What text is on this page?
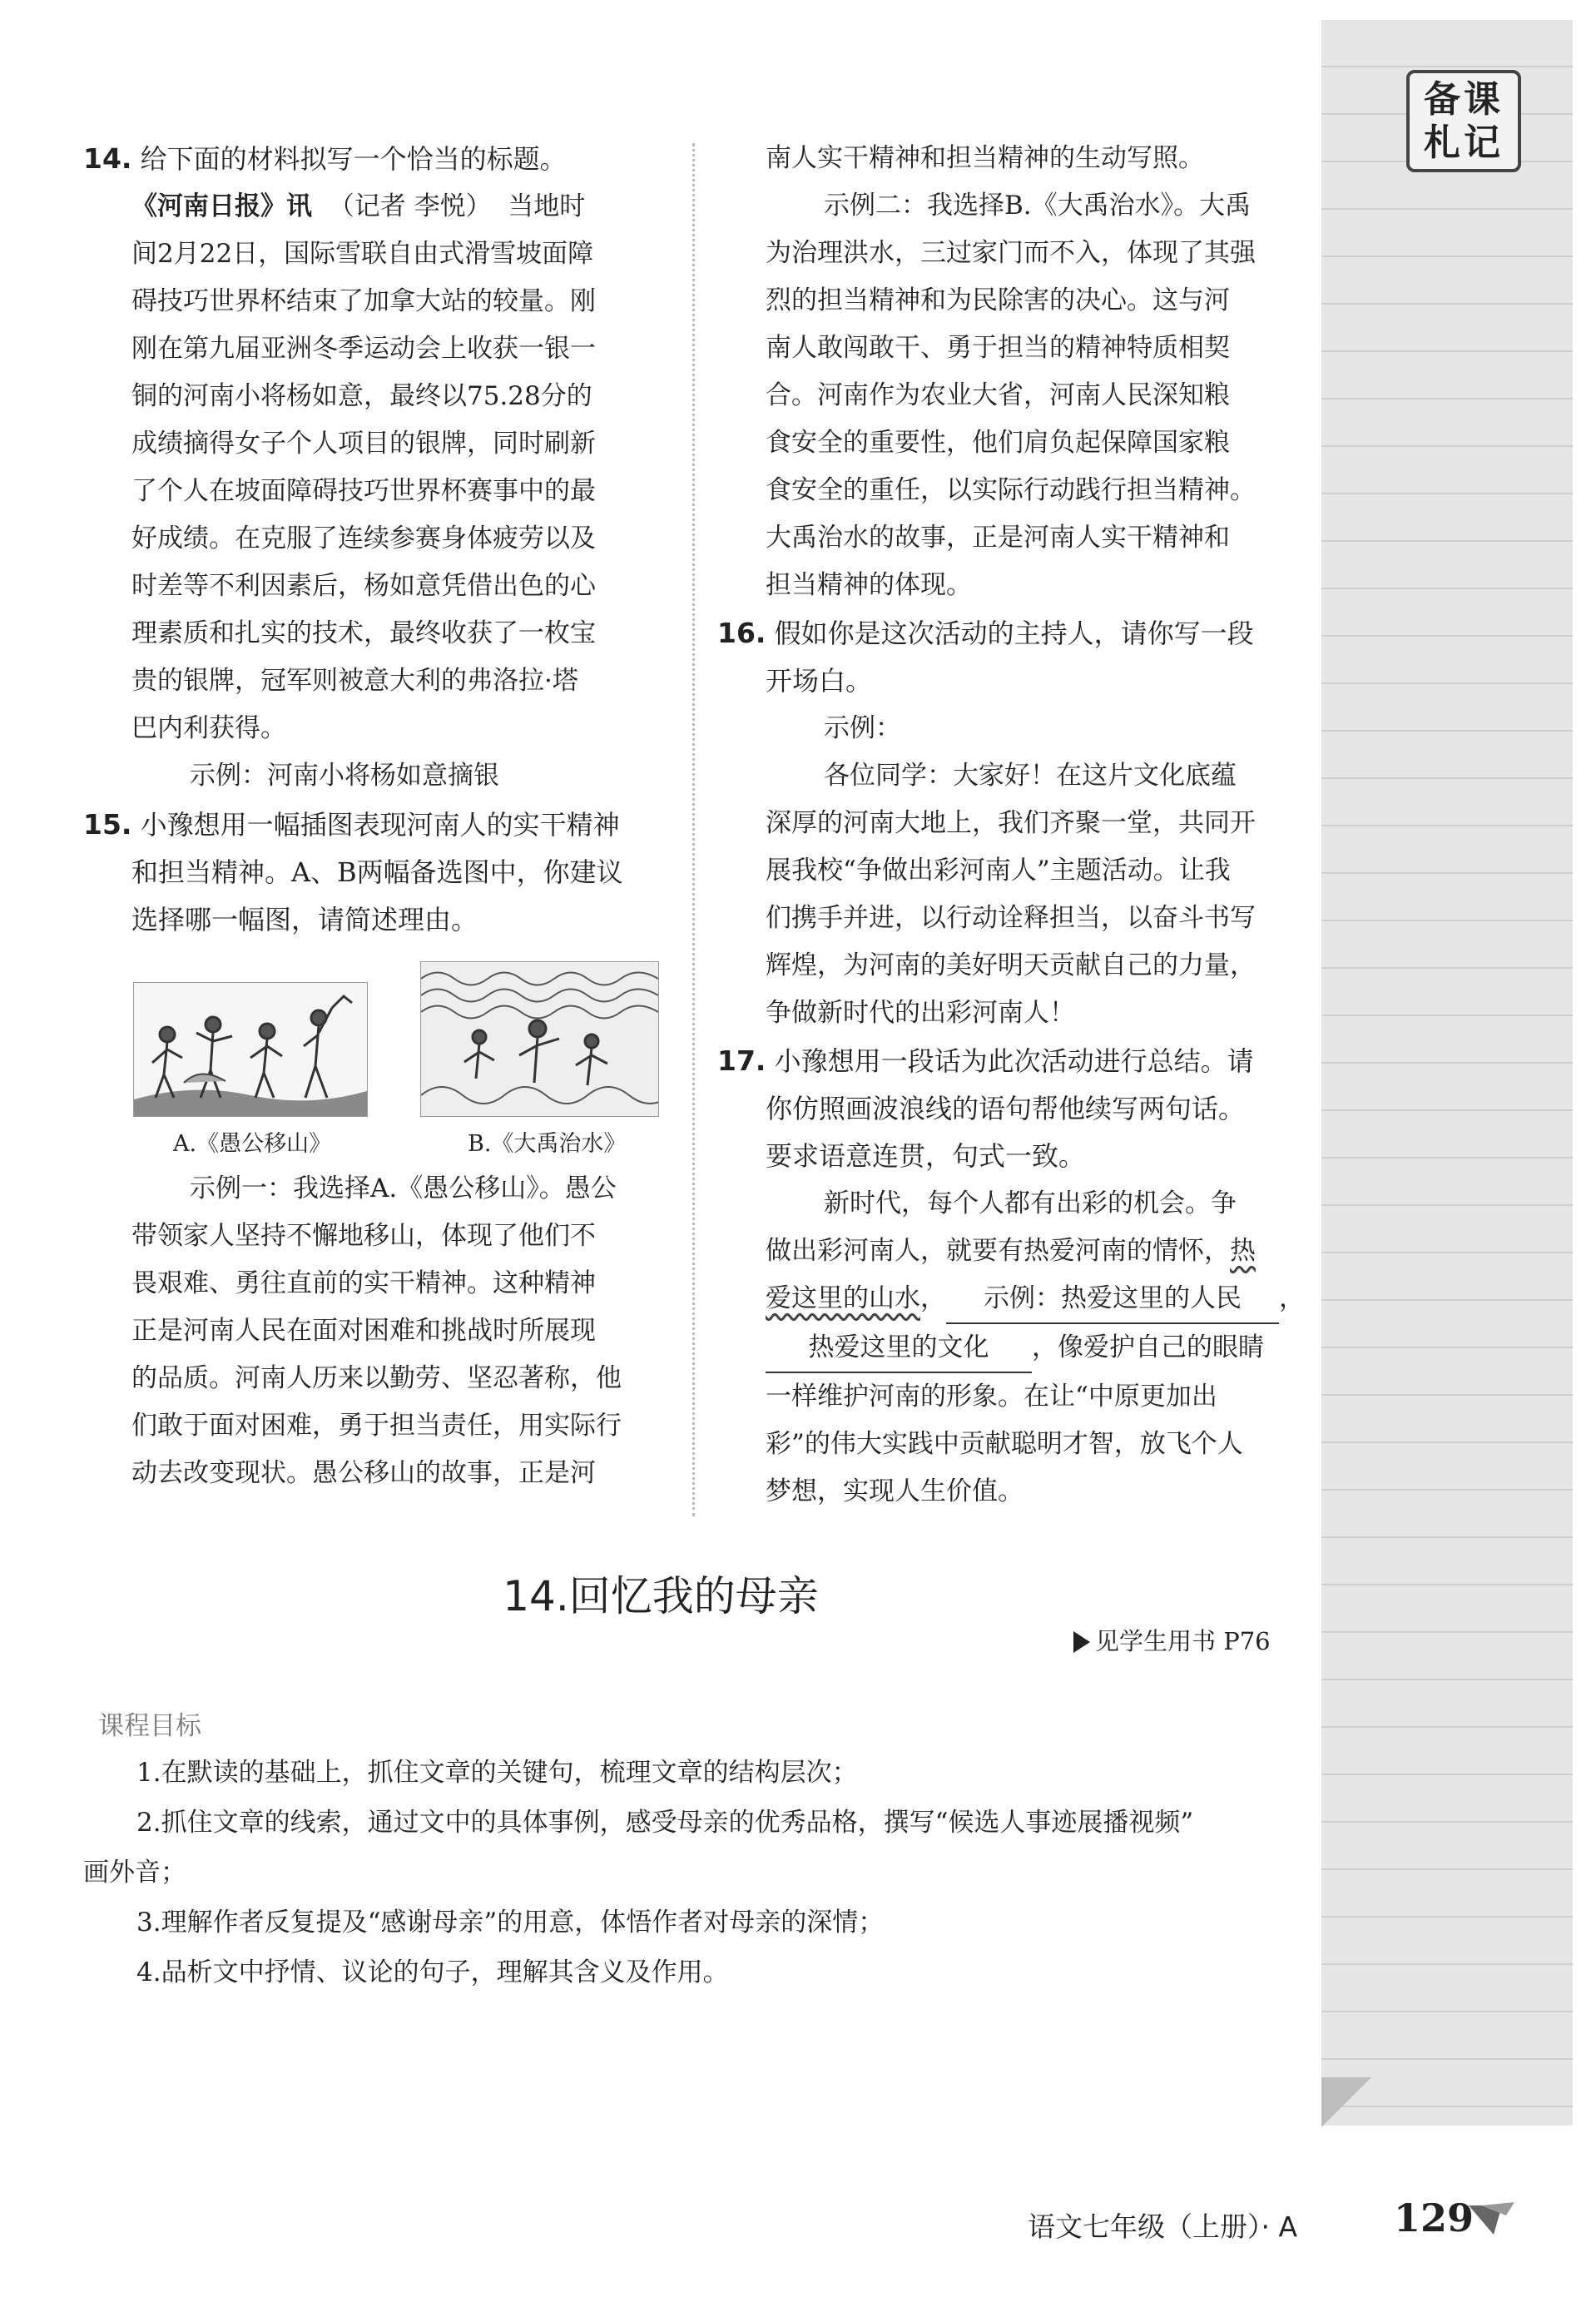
备课
札记

14. 给下面的材料拟写一个恰当的标题。

《河南日报》讯 （记者 李悦） 当地时

间2月22日，国际雪联自由式滑雪坡面障

碍技巧世界杯结束了加拿大站的较量。刚

刚在第九届亚洲冬季运动会上收获一银一

铜的河南小将杨如意，最终以75.28分的

成绩摘得女子个人项目的银牌，同时刷新

了个人在坡面障碍技巧世界杯赛事中的最

好成绩。在克服了连续参赛身体疲劳以及

时差等不利因素后，杨如意凭借出色的心

理素质和扎实的技术，最终收获了一枚宝

贵的银牌，冠军则被意大利的弗洛拉·塔

巴内利获得。

示例：河南小将杨如意摘银

15. 小豫想用一幅插图表现河南人的实干精神

和担当精神。A、B两幅备选图中，你建议

选择哪一幅图，请简述理由。

A.《愚公移山》	B.《大禹治水》

示例一：我选择A.《愚公移山》。愚公

带领家人坚持不懈地移山，体现了他们不

畏艰难、勇往直前的实干精神。这种精神

正是河南人民在面对困难和挑战时所展现

的品质。河南人历来以勤劳、坚忍著称，他

们敢于面对困难，勇于担当责任，用实际行

动去改变现状。愚公移山的故事，正是河

南人实干精神和担当精神的生动写照。

示例二：我选择B.《大禹治水》。大禹

为治理洪水，三过家门而不入，体现了其强

烈的担当精神和为民除害的决心。这与河

南人敢闯敢干、勇于担当的精神特质相契

合。河南作为农业大省，河南人民深知粮

食安全的重要性，他们肩负起保障国家粮

食安全的重任，以实际行动践行担当精神。

大禹治水的故事，正是河南人实干精神和

担当精神的体现。

16. 假如你是这次活动的主持人，请你写一段

开场白。

示例：

各位同学：大家好！在这片文化底蕴

深厚的河南大地上，我们齐聚一堂，共同开

展我校“争做出彩河南人”主题活动。让我

们携手并进，以行动诠释担当，以奋斗书写

辉煌，为河南的美好明天贡献自己的力量，

争做新时代的出彩河南人！

17. 小豫想用一段话为此次活动进行总结。请

你仿照画波浪线的语句帮他续写两句话。

要求语意连贯，句式一致。

新时代，每个人都有出彩的机会。争

做出彩河南人，就要有热爱河南的情怀，热

爱这里的山水， 示例：热爱这里的人民 ，

热爱这里的文化 ，像爱护自己的眼睛

一样维护河南的形象。在让“中原更加出

彩”的伟大实践中贡献聪明才智，放飞个人

梦想，实现人生价值。

14.回忆我的母亲
见学生用书 P76
课程目标

1.在默读的基础上，抓住文章的关键句，梳理文章的结构层次；

2.抓住文章的线索，通过文中的具体事例，感受母亲的优秀品格，撰写“候选人事迹展播视频”

画外音；

3.理解作者反复提及“感谢母亲”的用意，体悟作者对母亲的深情；

4.品析文中抒情、议论的句子，理解其含义及作用。

语文七年级（上册）· A	129
